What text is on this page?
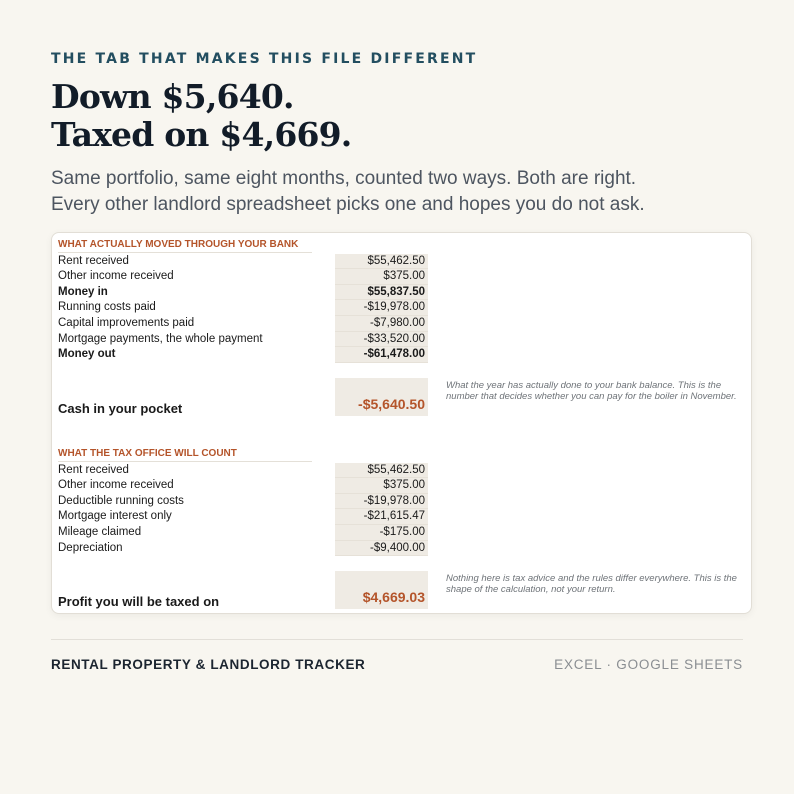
THE TAB THAT MAKES THIS FILE DIFFERENT
Down $5,640.
Taxed on $4,669.
Same portfolio, same eight months, counted two ways. Both are right.
Every other landlord spreadsheet picks one and hopes you do not ask.
WHAT ACTUALLY MOVED THROUGH YOUR BANK
Rent received	$55,462.50
Other income received	$375.00
Money in	$55,837.50
Running costs paid	-$19,978.00
Capital improvements paid	-$7,980.00
Mortgage payments, the whole payment	-$33,520.00
Money out	-$61,478.00
Cash in your pocket	-$5,640.50
What the year has actually done to your bank balance. This is the number that decides whether you can pay for the boiler in November.
WHAT THE TAX OFFICE WILL COUNT
Rent received	$55,462.50
Other income received	$375.00
Deductible running costs	-$19,978.00
Mortgage interest only	-$21,615.47
Mileage claimed	-$175.00
Depreciation	-$9,400.00
Profit you will be taxed on	$4,669.03
Nothing here is tax advice and the rules differ everywhere. This is the shape of the calculation, not your return.
RENTAL PROPERTY & LANDLORD TRACKER	EXCEL · GOOGLE SHEETS
